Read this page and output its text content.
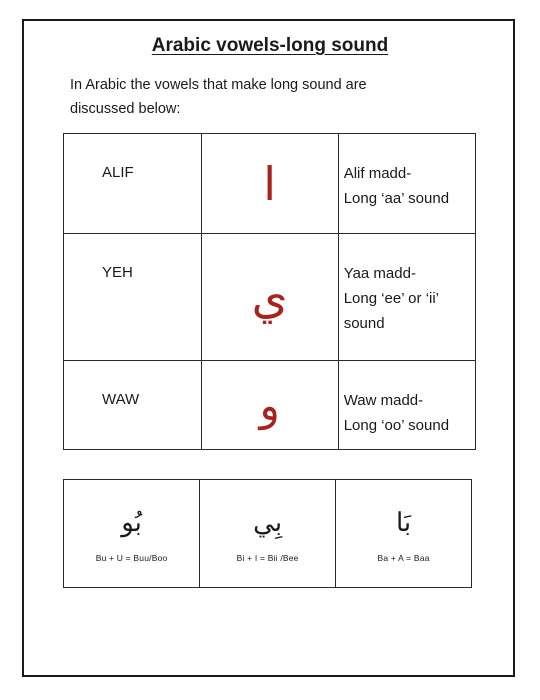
Arabic vowels-long sound

In Arabic the vowels that make long sound are discussed below:

ALIF	ا	Alif madd-
Long ‘aa’ sound

YEH	ي	Yaa madd-
Long ‘ee’ or ‘ii’
sound

WAW	و	Waw madd-
Long ‘oo’ sound
بُو
Bu + U = Buu/Boo

بِي
Bi + I = Bii /Bee

بَا
Ba + A = Baa
